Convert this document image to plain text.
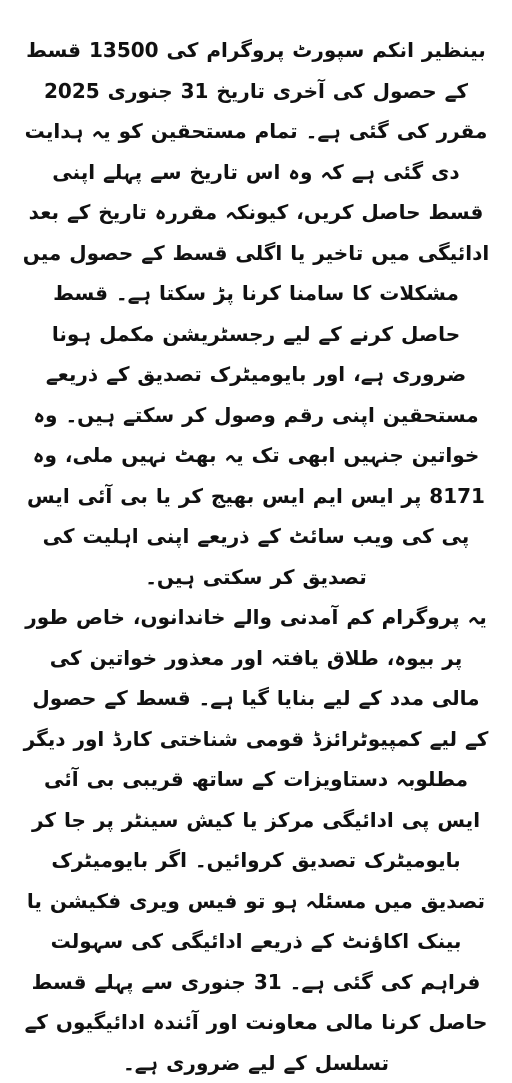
بینظیر انکم سپورٹ پروگرام کی 13500 قسط کے حصول کی آخری تاریخ 31 جنوری 2025 مقرر کی گئی ہے۔ تمام مستحقین کو یہ ہدایت دی گئی ہے کہ وہ اس تاریخ سے پہلے اپنی قسط حاصل کریں، کیونکہ مقررہ تاریخ کے بعد ادائیگی میں تاخیر یا اگلی قسط کے حصول میں مشکلات کا سامنا کرنا پڑ سکتا ہے۔ قسط حاصل کرنے کے لیے رجسٹریشن مکمل ہونا ضروری ہے، اور بایومیٹرک تصدیق کے ذریعے مستحقین اپنی رقم وصول کر سکتے ہیں۔ وہ خواتین جنہیں ابھی تک یہ بھٹ نہیں ملی، وہ 8171 پر ایس ایم ایس بھیج کر یا بی آئی ایس پی کی ویب سائٹ کے ذریعے اپنی اہلیت کی تصدیق کر سکتی ہیں۔

یہ پروگرام کم آمدنی والے خاندانوں، خاص طور پر بیوہ، طلاق یافتہ اور معذور خواتین کی مالی مدد کے لیے بنایا گیا ہے۔ قسط کے حصول کے لیے کمپیوٹرائزڈ قومی شناختی کارڈ اور دیگر مطلوبہ دستاویزات کے ساتھ قریبی بی آئی ایس پی ادائیگی مرکز یا کیش سینٹر پر جا کر بایومیٹرک تصدیق کروائیں۔ اگر بایومیٹرک تصدیق میں مسئلہ ہو تو فیس ویری فکیشن یا بینک اکاؤنٹ کے ذریعے ادائیگی کی سہولت فراہم کی گئی ہے۔ 31 جنوری سے پہلے قسط حاصل کرنا مالی معاونت اور آئندہ ادائیگیوں کے تسلسل کے لیے ضروری ہے۔
